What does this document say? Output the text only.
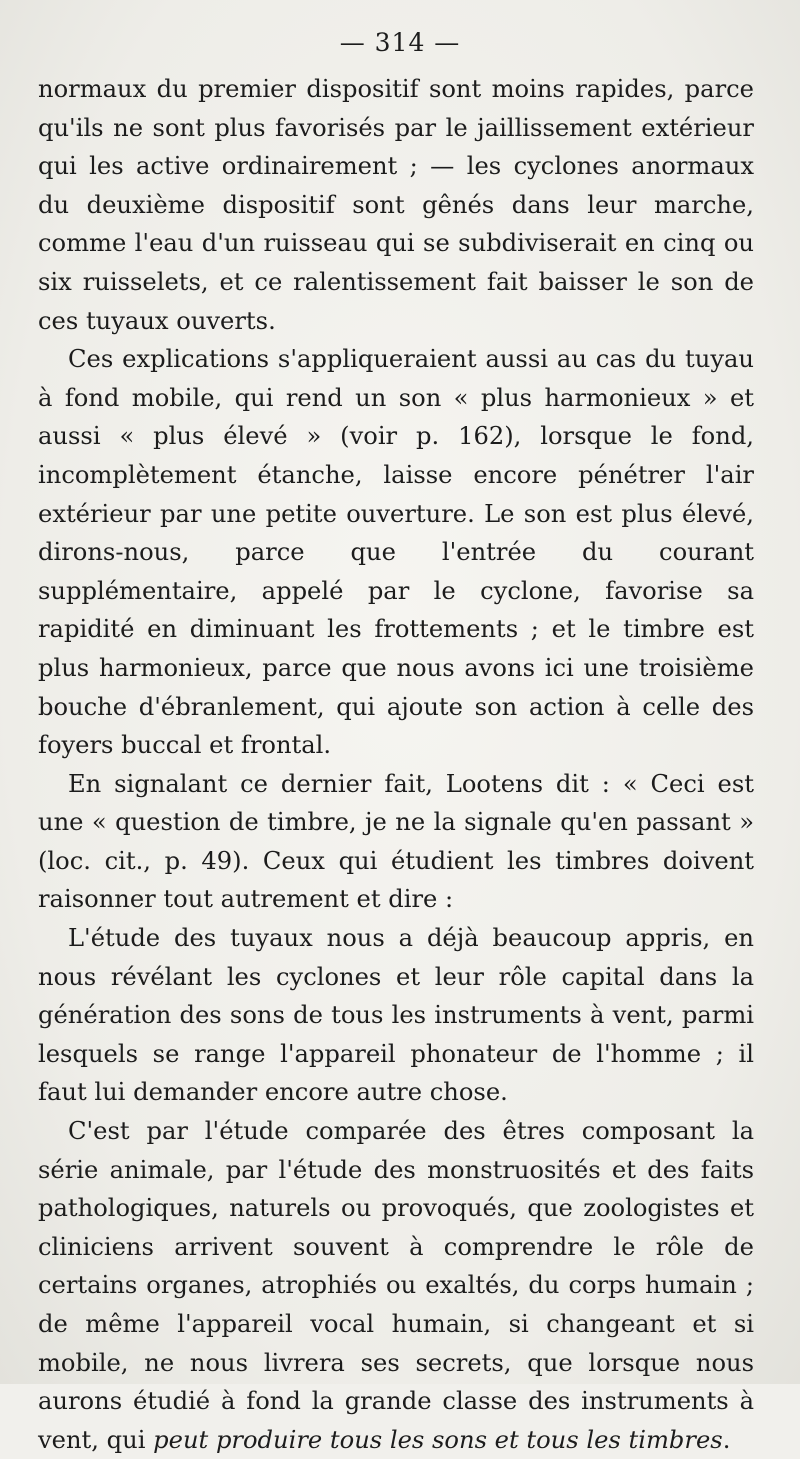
— 314 —

normaux du premier dispositif sont moins rapides, parce qu'ils ne sont plus favorisés par le jaillissement extérieur qui les active ordinairement ; — les cyclones anormaux du deuxième dispositif sont gênés dans leur marche, comme l'eau d'un ruisseau qui se subdiviserait en cinq ou six ruisselets, et ce ralentissement fait baisser le son de ces tuyaux ouverts.

Ces explications s'appliqueraient aussi au cas du tuyau à fond mobile, qui rend un son « plus harmonieux » et aussi « plus élevé » (voir p. 162), lorsque le fond, incomplètement étanche, laisse encore pénétrer l'air extérieur par une petite ouverture. Le son est plus élevé, dirons-nous, parce que l'entrée du courant supplémentaire, appelé par le cyclone, favorise sa rapidité en diminuant les frottements ; et le timbre est plus harmonieux, parce que nous avons ici une troisième bouche d'ébranlement, qui ajoute son action à celle des foyers buccal et frontal.

En signalant ce dernier fait, Lootens dit : « Ceci est une « question de timbre, je ne la signale qu'en passant » (loc. cit., p. 49). Ceux qui étudient les timbres doivent raisonner tout autrement et dire :

L'étude des tuyaux nous a déjà beaucoup appris, en nous révélant les cyclones et leur rôle capital dans la génération des sons de tous les instruments à vent, parmi lesquels se range l'appareil phonateur de l'homme ; il faut lui demander encore autre chose.

C'est par l'étude comparée des êtres composant la série animale, par l'étude des monstruosités et des faits pathologiques, naturels ou provoqués, que zoologistes et cliniciens arrivent souvent à comprendre le rôle de certains organes, atrophiés ou exaltés, du corps humain ; de même l'appareil vocal humain, si changeant et si mobile, ne nous livrera ses secrets, que lorsque nous aurons étudié à fond la grande classe des instruments à vent, qui peut produire tous les sons et tous les timbres.
